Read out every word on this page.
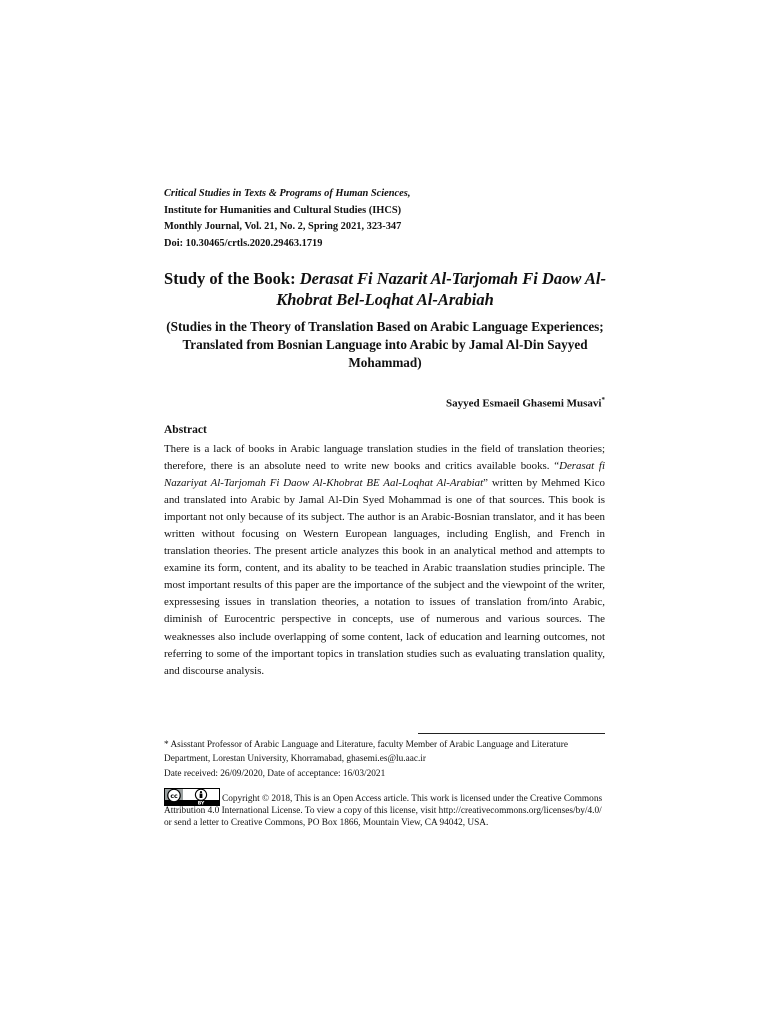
Critical Studies in Texts & Programs of Human Sciences,
Institute for Humanities and Cultural Studies (IHCS)
Monthly Journal, Vol. 21, No. 2, Spring 2021, 323-347
Doi: 10.30465/crtls.2020.29463.1719
Study of the Book: Derasat Fi Nazarit Al-Tarjomah Fi Daow Al-Khobrat Bel-Loqhat Al-Arabiah
(Studies in the Theory of Translation Based on Arabic Language Experiences; Translated from Bosnian Language into Arabic by Jamal Al-Din Sayyed Mohammad)
Sayyed Esmaeil Ghasemi Musavi*
Abstract

There is a lack of books in Arabic language translation studies in the field of translation theories; therefore, there is an absolute need to write new books and critics available books. “Derasat fi Nazariyat Al-Tarjomah Fi Daow Al-Khobrat BE Aal-Loqhat Al-Arabiat” written by Mehmed Kico and translated into Arabic by Jamal Al-Din Syed Mohammad is one of that sources. This book is important not only because of its subject. The author is an Arabic-Bosnian translator, and it has been written without focusing on Western European languages, including English, and French in translation theories. The present article analyzes this book in an analytical method and attempts to examine its form, content, and its abality to be teached in Arabic traanslation studies principle. The most important results of this paper are the importance of the subject and the viewpoint of the writer, expressesing issues in translation theories, a notation to issues of translation from/into Arabic, diminish of Eurocentric perspective in concepts, use of numerous and various sources. The weaknesses also include overlapping of some content, lack of education and learning outcomes, not referring to some of the important topics in translation studies such as evaluating translation quality, and discourse analysis.

* Asisstant Professor of Arabic Language and Literature, faculty Member of Arabic Language and Literature Department, Lorestan University, Khorramabad, ghasemi.es@lu.aac.ir

Date received: 26/09/2020, Date of acceptance: 16/03/2021
cc
BY
Copyright © 2018, This is an Open Access article. This work is licensed under the Creative Commons Attribution 4.0 International License. To view a copy of this license, visit http://creativecommons.org/licenses/by/4.0/ or send a letter to Creative Commons, PO Box 1866, Mountain View, CA 94042, USA.
